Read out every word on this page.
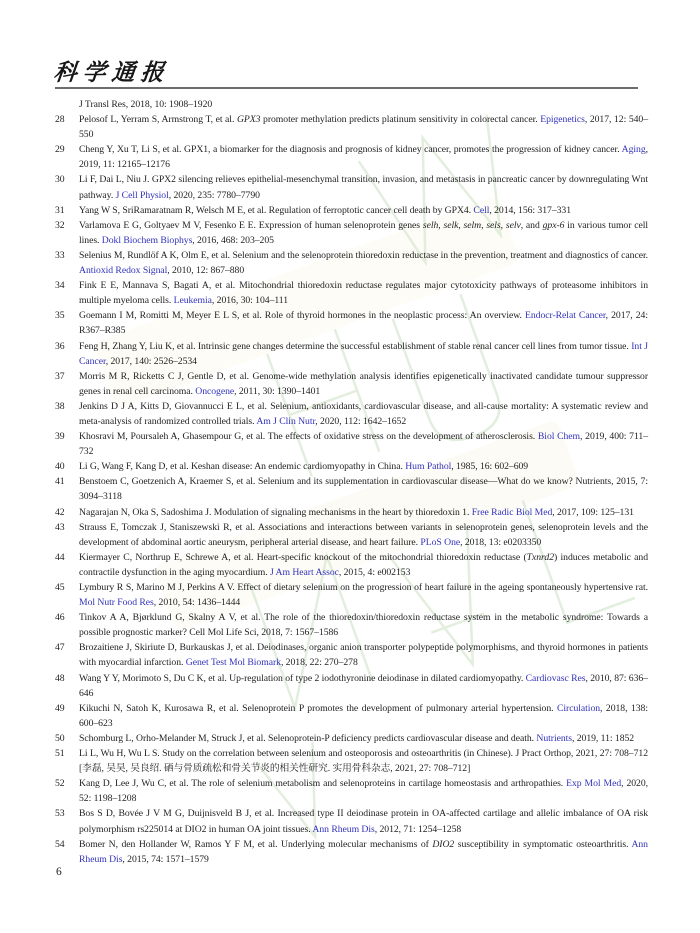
科学通报
J Transl Res, 2018, 10: 1908–1920
28	Pelosof L, Yerram S, Armstrong T, et al. GPX3 promoter methylation predicts platinum sensitivity in colorectal cancer. Epigenetics, 2017, 12: 540–550
29	Cheng Y, Xu T, Li S, et al. GPX1, a biomarker for the diagnosis and prognosis of kidney cancer, promotes the progression of kidney cancer. Aging, 2019, 11: 12165–12176
30	Li F, Dai L, Niu J. GPX2 silencing relieves epithelial-mesenchymal transition, invasion, and metastasis in pancreatic cancer by downregulating Wnt pathway. J Cell Physiol, 2020, 235: 7780–7790
31	Yang W S, SriRamaratnam R, Welsch M E, et al. Regulation of ferroptotic cancer cell death by GPX4. Cell, 2014, 156: 317–331
32	Varlamova E G, Goltyaev M V, Fesenko E E. Expression of human selenoprotein genes selh, selk, selm, sels, selv, and gpx-6 in various tumor cell lines. Dokl Biochem Biophys, 2016, 468: 203–205
33	Selenius M, Rundlöf A K, Olm E, et al. Selenium and the selenoprotein thioredoxin reductase in the prevention, treatment and diagnostics of cancer. Antioxid Redox Signal, 2010, 12: 867–880
34	Fink E E, Mannava S, Bagati A, et al. Mitochondrial thioredoxin reductase regulates major cytotoxicity pathways of proteasome inhibitors in multiple myeloma cells. Leukemia, 2016, 30: 104–111
35	Goemann I M, Romitti M, Meyer E L S, et al. Role of thyroid hormones in the neoplastic process: An overview. Endocr-Relat Cancer, 2017, 24: R367–R385
36	Feng H, Zhang Y, Liu K, et al. Intrinsic gene changes determine the successful establishment of stable renal cancer cell lines from tumor tissue. Int J Cancer, 2017, 140: 2526–2534
37	Morris M R, Ricketts C J, Gentle D, et al. Genome-wide methylation analysis identifies epigenetically inactivated candidate tumour suppressor genes in renal cell carcinoma. Oncogene, 2011, 30: 1390–1401
38	Jenkins D J A, Kitts D, Giovannucci E L, et al. Selenium, antioxidants, cardiovascular disease, and all-cause mortality: A systematic review and meta-analysis of randomized controlled trials. Am J Clin Nutr, 2020, 112: 1642–1652
39	Khosravi M, Poursaleh A, Ghasempour G, et al. The effects of oxidative stress on the development of atherosclerosis. Biol Chem, 2019, 400: 711–732
40	Li G, Wang F, Kang D, et al. Keshan disease: An endemic cardiomyopathy in China. Hum Pathol, 1985, 16: 602–609
41	Benstoem C, Goetzenich A, Kraemer S, et al. Selenium and its supplementation in cardiovascular disease—What do we know? Nutrients, 2015, 7: 3094–3118
42	Nagarajan N, Oka S, Sadoshima J. Modulation of signaling mechanisms in the heart by thioredoxin 1. Free Radic Biol Med, 2017, 109: 125–131
43	Strauss E, Tomczak J, Staniszewski R, et al. Associations and interactions between variants in selenoprotein genes, selenoprotein levels and the development of abdominal aortic aneurysm, peripheral arterial disease, and heart failure. PLoS One, 2018, 13: e0203350
44	Kiermayer C, Northrup E, Schrewe A, et al. Heart-specific knockout of the mitochondrial thioredoxin reductase (Txnrd2) induces metabolic and contractile dysfunction in the aging myocardium. J Am Heart Assoc, 2015, 4: e002153
45	Lymbury R S, Marino M J, Perkins A V. Effect of dietary selenium on the progression of heart failure in the ageing spontaneously hypertensive rat. Mol Nutr Food Res, 2010, 54: 1436–1444
46	Tinkov A A, Bjørklund G, Skalny A V, et al. The role of the thioredoxin/thioredoxin reductase system in the metabolic syndrome: Towards a possible prognostic marker? Cell Mol Life Sci, 2018, 7: 1567–1586
47	Brozaitiene J, Skiriute D, Burkauskas J, et al. Deiodinases, organic anion transporter polypeptide polymorphisms, and thyroid hormones in patients with myocardial infarction. Genet Test Mol Biomark, 2018, 22: 270–278
48	Wang Y Y, Morimoto S, Du C K, et al. Up-regulation of type 2 iodothyronine deiodinase in dilated cardiomyopathy. Cardiovasc Res, 2010, 87: 636–646
49	Kikuchi N, Satoh K, Kurosawa R, et al. Selenoprotein P promotes the development of pulmonary arterial hypertension. Circulation, 2018, 138: 600–623
50	Schomburg L, Orho-Melander M, Struck J, et al. Selenoprotein-P deficiency predicts cardiovascular disease and death. Nutrients, 2019, 11: 1852
51	Li L, Wu H, Wu L S. Study on the correlation between selenium and osteoporosis and osteoarthritis (in Chinese). J Pract Orthop, 2021, 27: 708–712 [李磊, 吴昊, 吴良绍. 硒与骨质疏松和骨关节炎的相关性研究. 实用骨科杂志, 2021, 27: 708–712]
52	Kang D, Lee J, Wu C, et al. The role of selenium metabolism and selenoproteins in cartilage homeostasis and arthropathies. Exp Mol Med, 2020, 52: 1198–1208
53	Bos S D, Bovée J V M G, Duijnisveld B J, et al. Increased type II deiodinase protein in OA-affected cartilage and allelic imbalance of OA risk polymorphism rs225014 at DIO2 in human OA joint tissues. Ann Rheum Dis, 2012, 71: 1254–1258
54	Bomer N, den Hollander W, Ramos Y F M, et al. Underlying molecular mechanisms of DIO2 susceptibility in symptomatic osteoarthritis. Ann Rheum Dis, 2015, 74: 1571–1579
6
